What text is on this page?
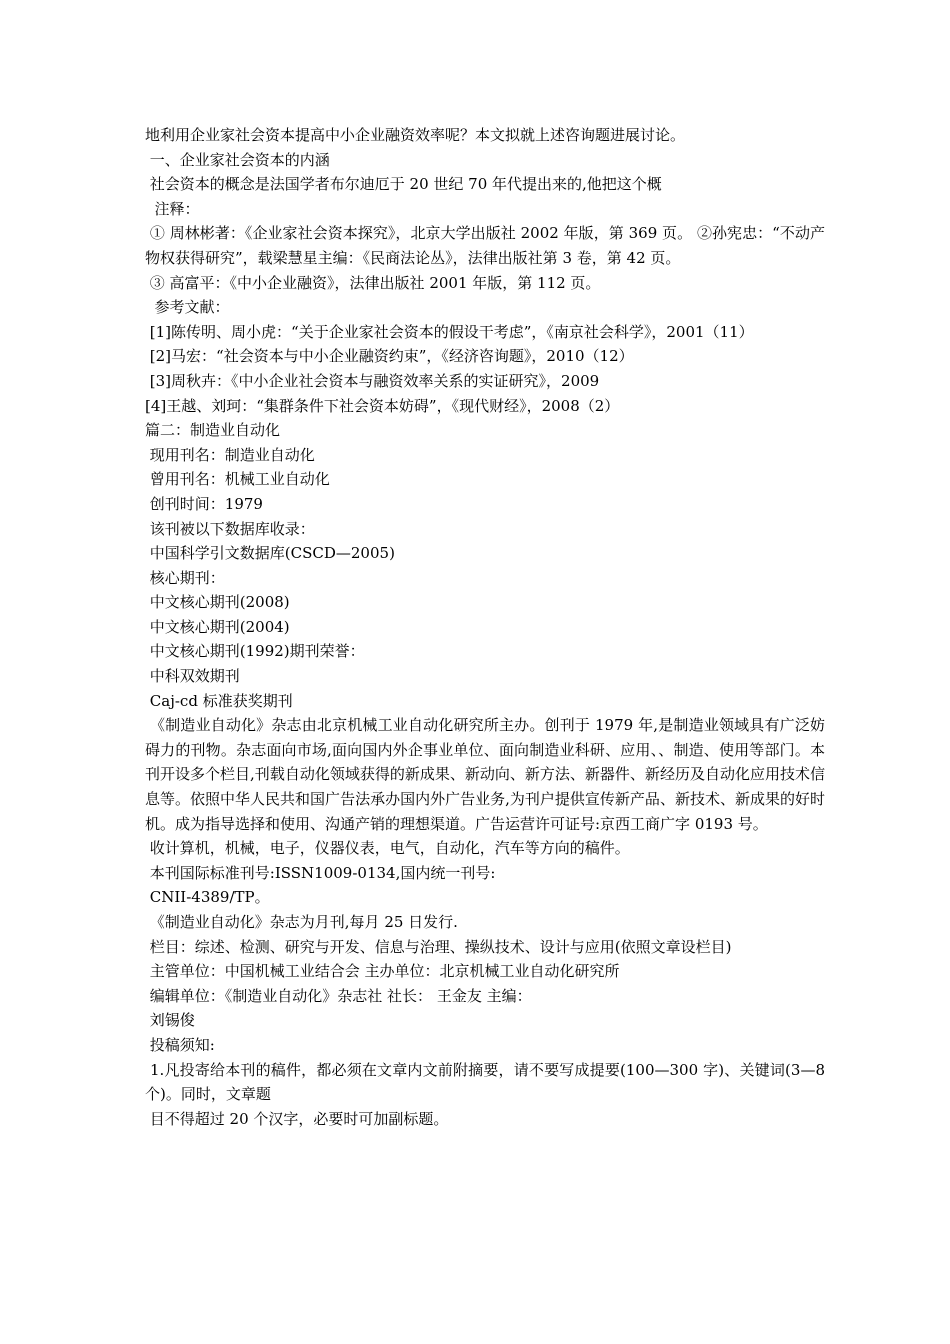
地利用企业家社会资本提高中小企业融资效率呢？本文拟就上述咨询题进展讨论。
一、企业家社会资本的内涵
社会资本的概念是法国学者布尔迪厄于 20 世纪 70 年代提出来的,他把这个概
注释：
① 周林彬著：《企业家社会资本探究》，北京大学出版社 2002 年版，第 369 页。 ②孙宪忠：“不动产物权获得研究”，载梁慧星主编：《民商法论丛》，法律出版社第 3 卷，第 42 页。
③ 高富平：《中小企业融资》，法律出版社 2001 年版，第 112 页。
参考文献：
[1]陈传明、周小虎：“关于企业家社会资本的假设干考虑”，《南京社会科学》，2001（11）
[2]马宏：“社会资本与中小企业融资约束”，《经济咨询题》，2010（12）
[3]周秋卉：《中小企业社会资本与融资效率关系的实证研究》，2009
[4]王越、刘珂：“集群条件下社会资本妨碍”，《现代财经》，2008（2）
篇二：制造业自动化
现用刊名：制造业自动化
曾用刊名：机械工业自动化
创刊时间：1979
该刊被以下数据库收录：
中国科学引文数据库(CSCD—2005)
核心期刊：
中文核心期刊(2008)
中文核心期刊(2004)
中文核心期刊(1992)期刊荣誉：
中科双效期刊
Caj-cd 标准获奖期刊
《制造业自动化》杂志由北京机械工业自动化研究所主办。创刊于 1979 年,是制造业领域具有广泛妨碍力的刊物。杂志面向市场,面向国内外企事业单位、面向制造业科研、应用、、制造、使用等部门。本刊开设多个栏目,刊载自动化领域获得的新成果、新动向、新方法、新器件、新经历及自动化应用技术信息等。依照中华人民共和国广告法承办国内外广告业务,为刊户提供宣传新产品、新技术、新成果的好时机。成为指导选择和使用、沟通产销的理想渠道。广告运营许可证号:京西工商广字 0193 号。
收计算机，机械，电子，仪器仪表，电气，自动化，汽车等方向的稿件。
本刊国际标准刊号:ISSN1009-0134,国内统一刊号:
CNII-4389/TP。
《制造业自动化》杂志为月刊,每月 25 日发行.
栏目：综述、检测、研究与开发、信息与治理、操纵技术、设计与应用(依照文章设栏目)
主管单位：中国机械工业结合会 主办单位：北京机械工业自动化研究所
编辑单位：《制造业自动化》杂志社 社长： 王金友 主编：
刘锡俊
投稿须知:
1.凡投寄给本刊的稿件，都必须在文章内文前附摘要，请不要写成提要(100—300 字)、关键词(3—8 个)。同时，文章题
目不得超过 20 个汉字，必要时可加副标题。
